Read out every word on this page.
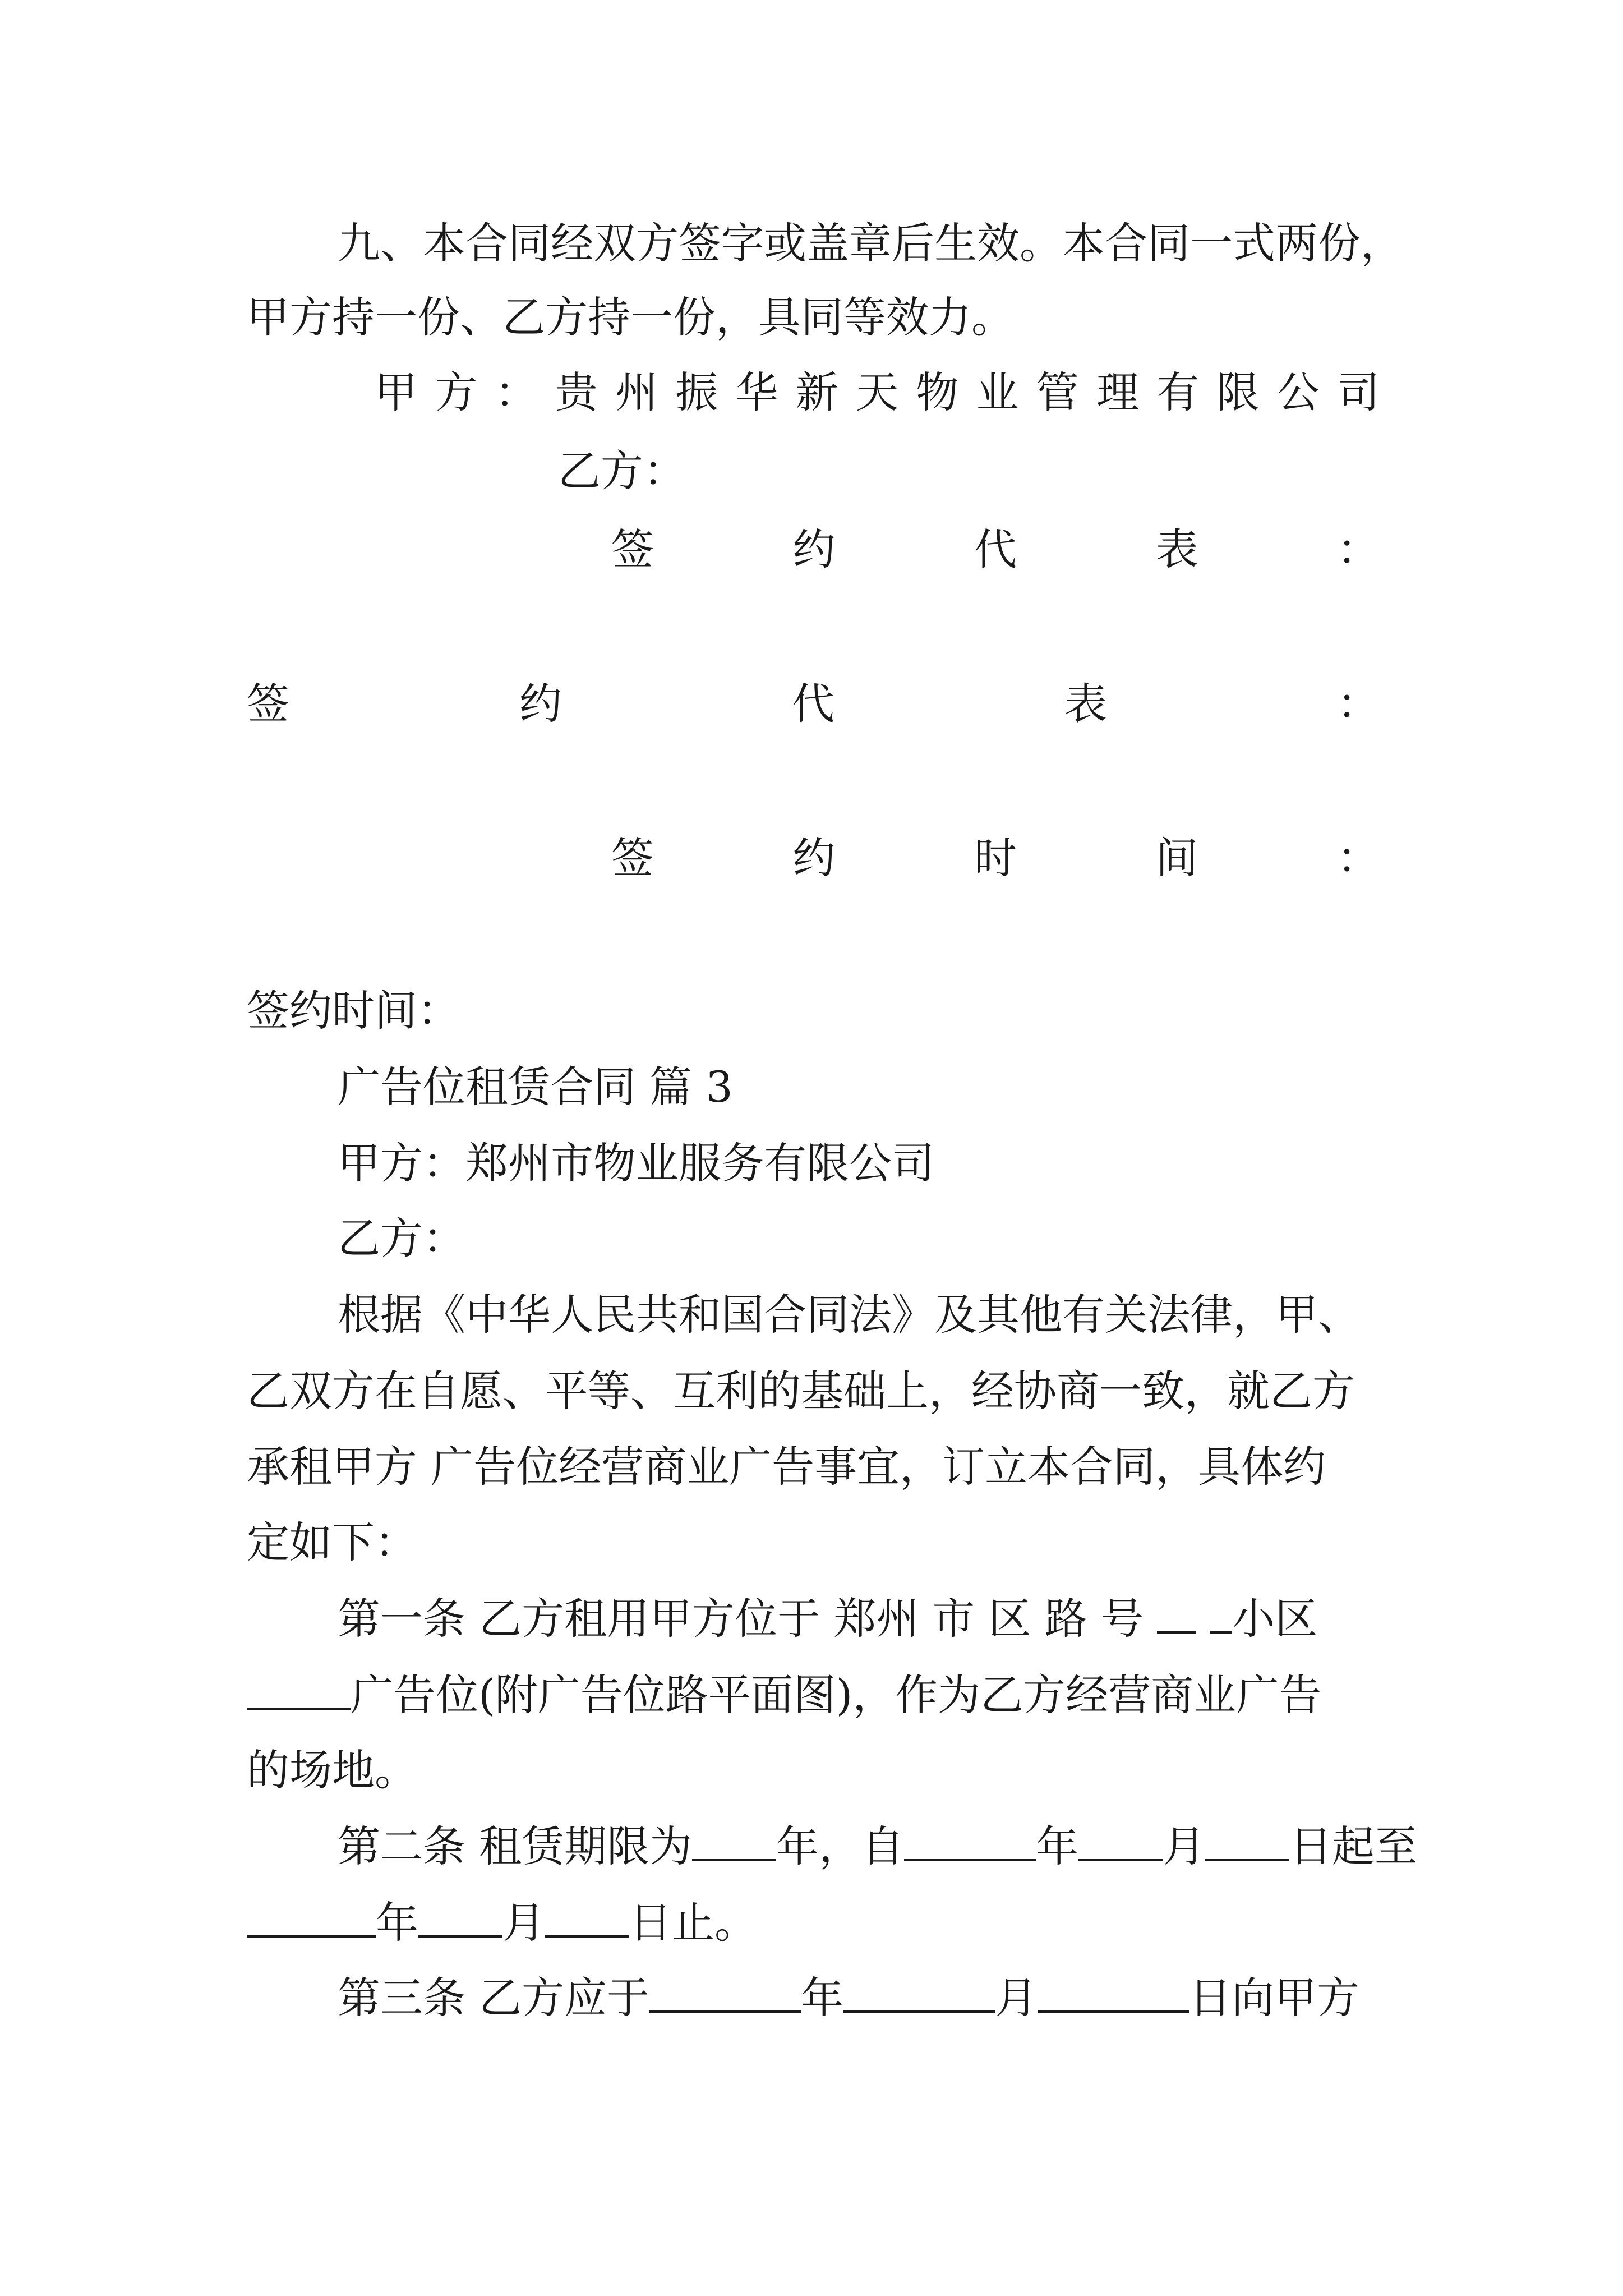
九、本合同经双方签字或盖章后生效。本合同一式两份，
甲方持一份、乙方持一份，具同等效力。
甲 方 ： 贵 州 振 华 新 天 物 业 管 理 有 限 公 司
乙方：
签	约	代	表	：
签	约	代	表	：
签	约	时	间	：
签约时间：
广告位租赁合同 篇 3
甲方：郑州市物业服务有限公司
乙方：
根据《中华人民共和国合同法》及其他有关法律，甲、
乙双方在自愿、平等、互利的基础上，经协商一致，就乙方
承租甲方 广告位经营商业广告事宜，订立本合同，具体约
定如下：
第一条 乙方租用甲方位于 郑州 市 区 路 号 小区
广告位(附广告位路平面图)，作为乙方经营商业广告
的场地。
第二条 租赁期限为 年，自	年 月 日起至
年 月 日止。
第三条 乙方应于	年	月	日向甲方
